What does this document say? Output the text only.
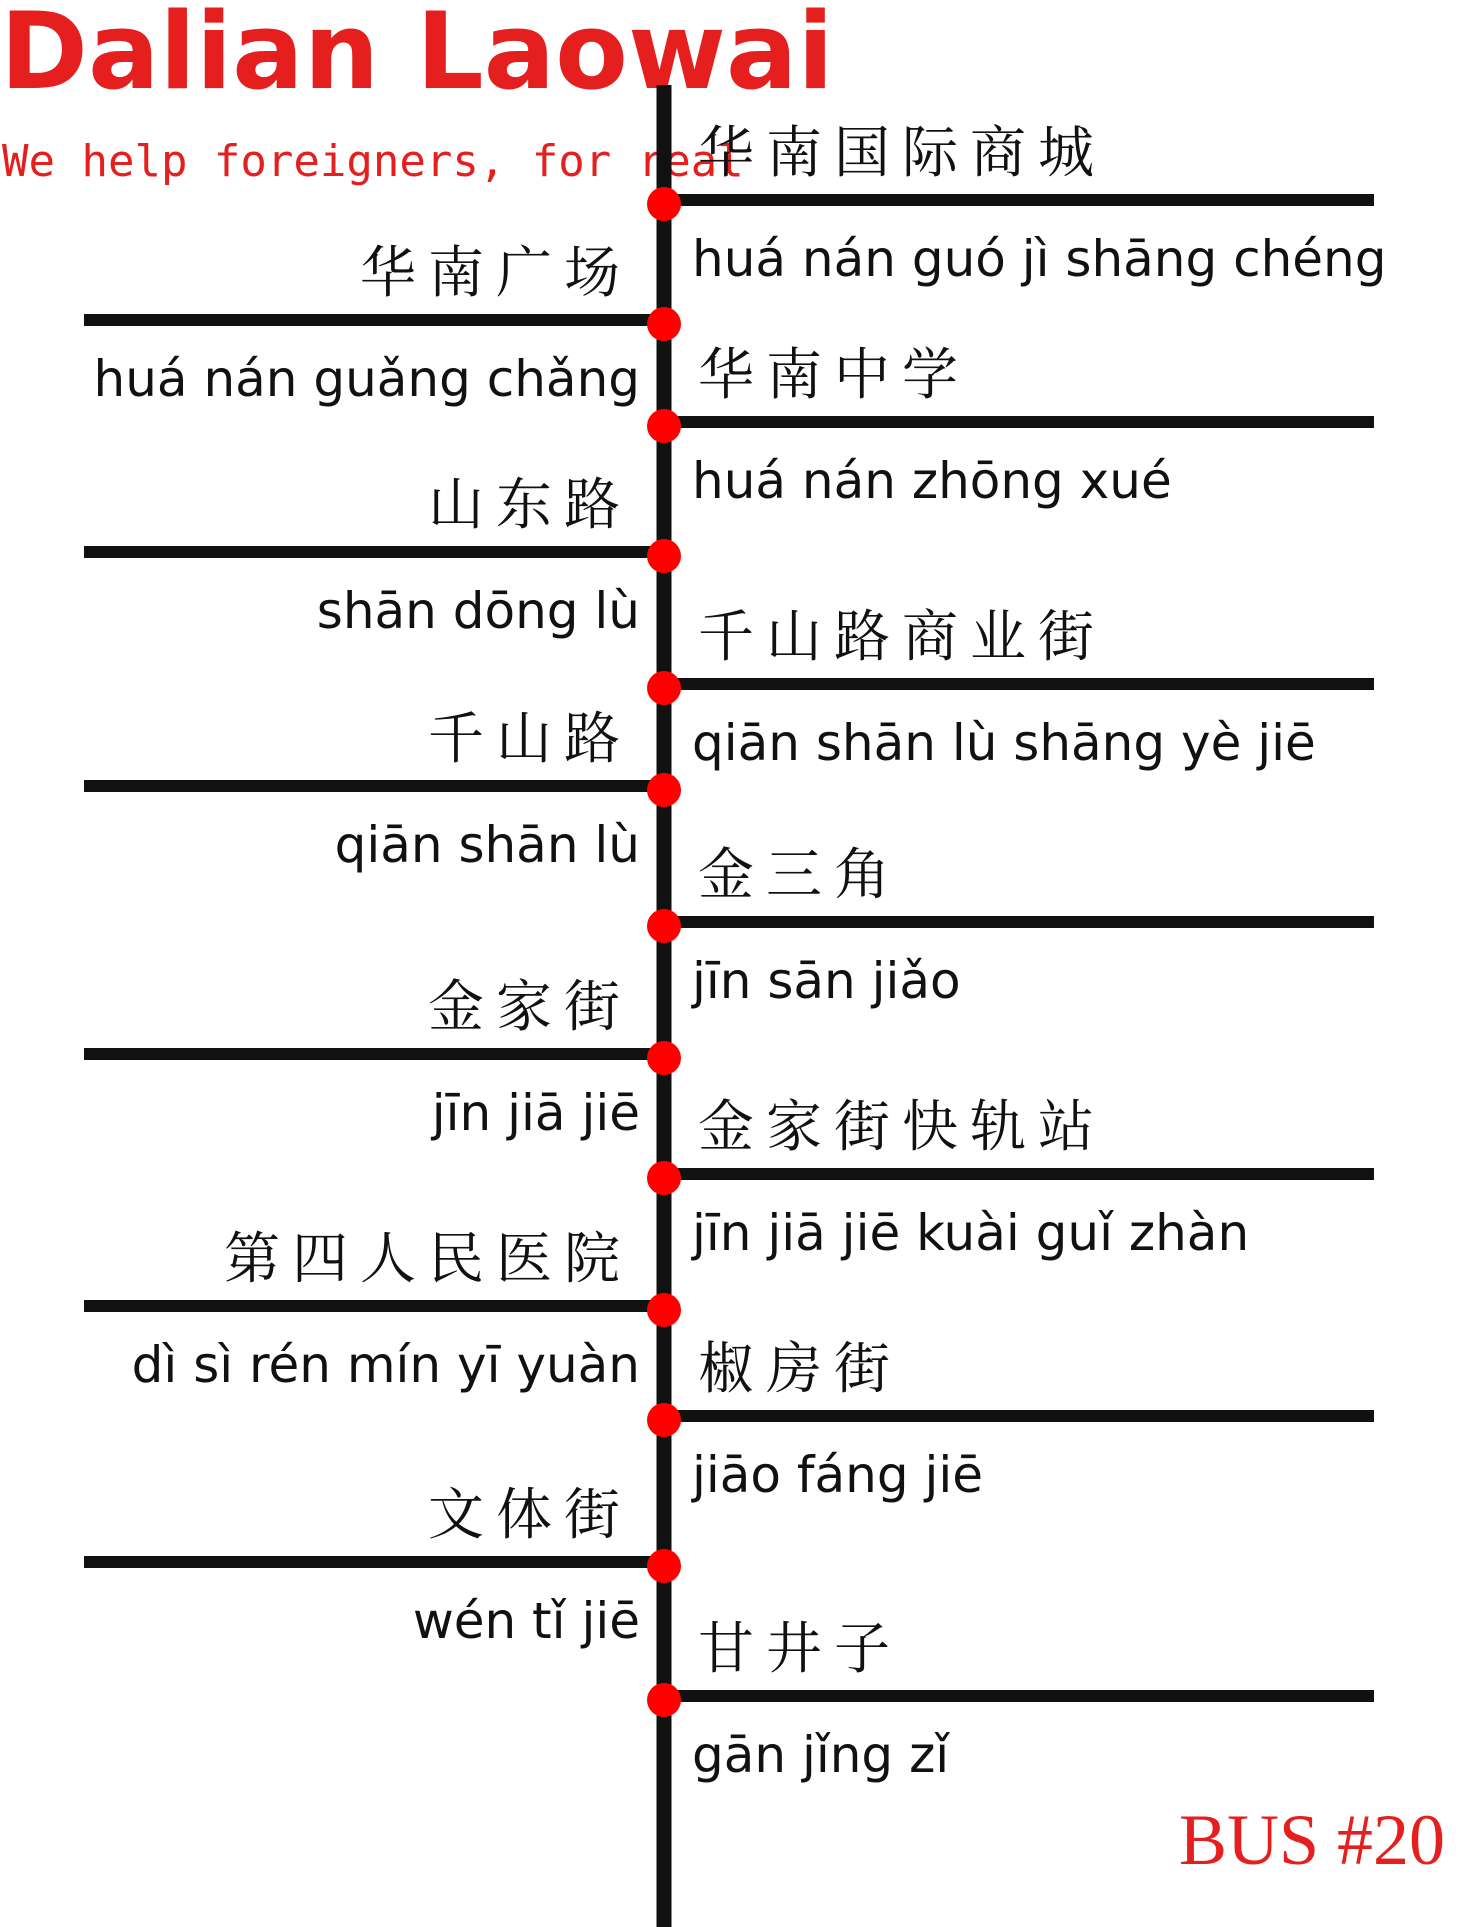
Dalian Laowai
We help foreigners, for real
华南国际商城
huá nán guó jì shāng chéng
华南广场
huá nán guǎng chǎng 华南中学
huá nán zhōng xué
山东路
shān dōng lù 千山路商业街
qiān shān lù shāng yè jiē
千山路
qiān shān lù 金三角
jīn sān jiǎo
金家街
jīn jiā jiē 金家街快轨站
jīn jiā jiē kuài guǐ zhàn
第四人民医院
dì sì rén mín yī yuàn 椒房街
jiāo fáng jiē
文体街
wén tǐ jiē 甘井子
gān jǐng zǐ
BUS #20
